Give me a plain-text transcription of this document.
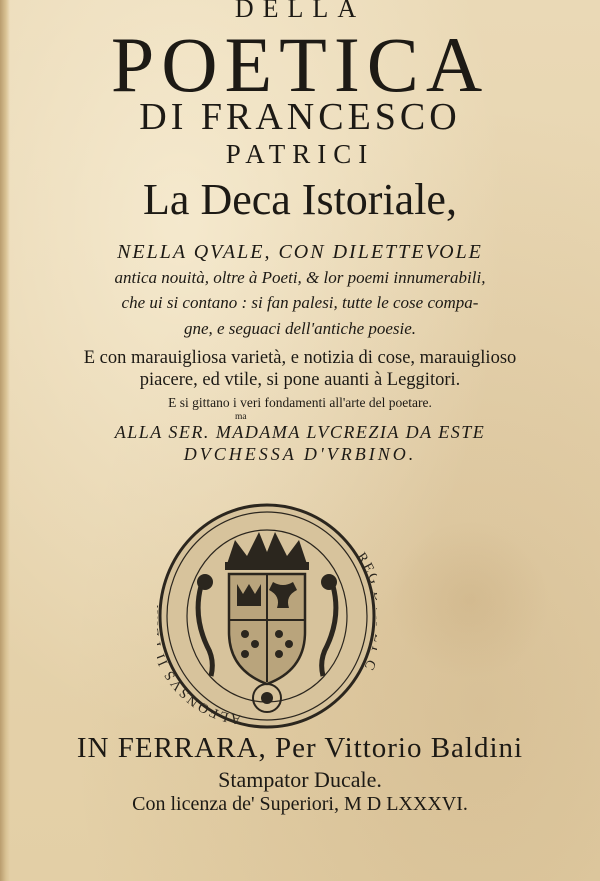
DELLA
POETICA
DI FRANCESCO
PATRICI
La Deca Istoriale,
NELLA QVALE, CON DILETTEVOLE
antica nouità, oltre à Poeti, & lor poemi innumerabili,
che ui si contano : si fan palesi, tutte le cose compa-
gne, e seguaci dell'antiche poesie.
E con marauigliosa varietà, e notizia di cose, marauiglioso
piacere, ed vtile, si pone auanti à Leggitori.
E si gittano i veri fondamenti all'arte del poetare.
ma
ALLA SER. MADAMA LVCREZIA DA ESTE
DVCHESSA D'VRBINO.
ALFONSVS
RE C
IN FERRARA, Per Vittorio Baldini
Stampator Ducale.
Con licenza de' Superiori, M D LXXXVI.
